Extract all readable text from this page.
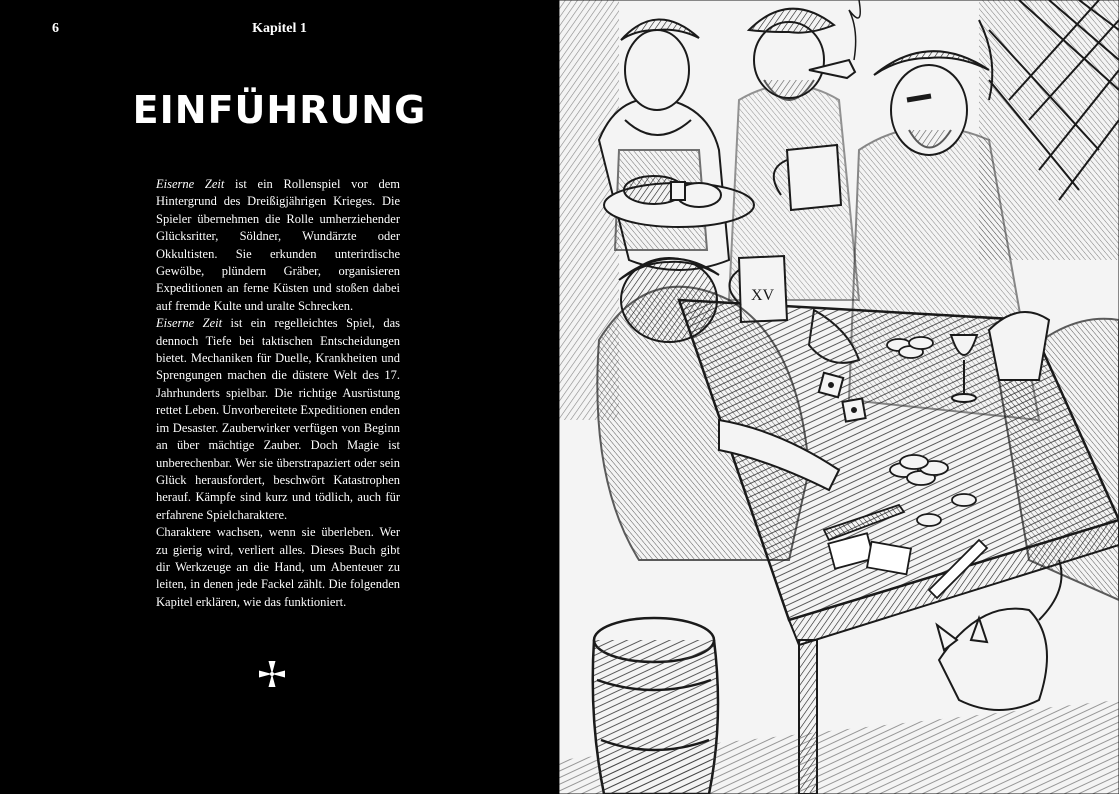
6	Kapitel 1
EINFÜHRUNG

Eiserne Zeit ist ein Rollenspiel vor dem Hintergrund des Dreißigjährigen Krieges. Die Spieler übernehmen die Rolle umherziehender Glücksritter, Söldner, Wundärzte oder Okkultisten. Sie erkunden unterirdische Gewölbe, plündern Gräber, organisieren Expeditionen an ferne Küsten und stoßen dabei auf fremde Kulte und uralte Schrecken.

Eiserne Zeit ist ein regelleichtes Spiel, das dennoch Tiefe bei taktischen Entscheidungen bietet. Mechaniken für Duelle, Krankheiten und Sprengungen machen die düstere Welt des 17. Jahrhunderts spielbar. Die richtige Ausrüstung rettet Leben. Unvorbereitete Expeditionen enden im Desaster. Zauberwirker verfügen von Beginn an über mächtige Zauber. Doch Magie ist unberechenbar. Wer sie überstrapaziert oder sein Glück herausfordert, beschwört Katastrophen herauf. Kämpfe sind kurz und tödlich, auch für erfahrene Spielcharaktere.

Charaktere wachsen, wenn sie überleben. Wer zu gierig wird, verliert alles. Dieses Buch gibt dir Werkzeuge an die Hand, um Abenteuer zu leiten, in denen jede Fackel zählt. Die folgenden Kapitel erklären, wie das funktioniert.

XV
